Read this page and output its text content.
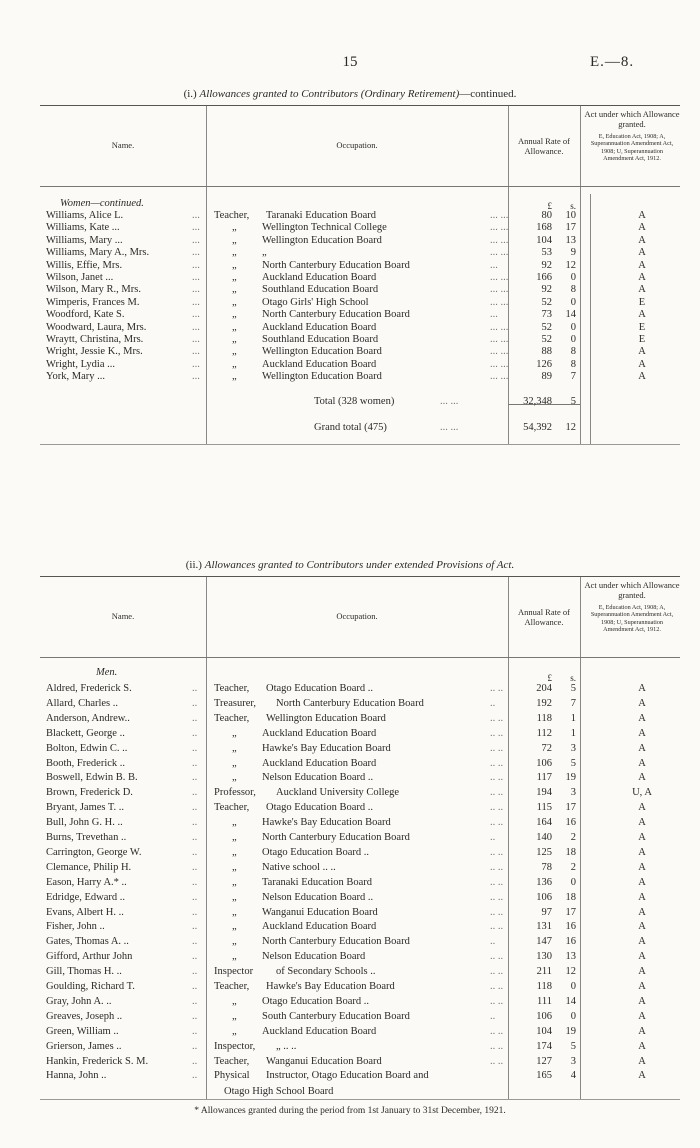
15	E.—8.
(i.) Allowances granted to Contributors (Ordinary Retirement)—continued.
Name.	Occupation.	Annual Rate of Allowance.
Act under which Allowance granted.
E, Education Act, 1908; A, Superannuation Amendment Act, 1908; U, Superannuation Amendment Act, 1912.
Women—continued.	£	s.
Williams, Alice L.	... Teacher, Taranaki Education Board	... ...	80	10	A
Williams, Kate ...	...	„ Wellington Technical College	... ...	168	17	A
Williams, Mary ...	...	„ Wellington Education Board	... ...	104	13	A
Williams, Mary A., Mrs.	...	„ „	... ...	53	9	A
Willis, Effie, Mrs.	...	„ North Canterbury Education Board	...	92	12	A
Wilson, Janet ...	...	„ Auckland Education Board	... ...	166	0	A
Wilson, Mary R., Mrs.	...	„ Southland Education Board	... ...	92	8	A
Wimperis, Frances M.	...	„ Otago Girls' High School	... ...	52	0	E
Woodford, Kate S.	...	„ North Canterbury Education Board	...	73	14	A
Woodward, Laura, Mrs.	...	„ Auckland Education Board	... ...	52	0	E
Wraytt, Christina, Mrs.	...	„ Southland Education Board	... ...	52	0	E
Wright, Jessie K., Mrs.	...	„ Wellington Education Board	... ...	88	8	A
Wright, Lydia ...	...	„ Auckland Education Board	... ...	126	8	A
York, Mary ...	...	„ Wellington Education Board	... ...	89	7	A
Total (328 women)	... ...	32,348	5
Grand total (475)	... ...	54,392	12
(ii.) Allowances granted to Contributors under extended Provisions of Act.
Name.	Occupation.	Annual Rate of Allowance.
Act under which Allowance granted.
E, Education Act, 1908; A, Superannuation Amendment Act, 1908; U, Superannuation Amendment Act, 1912.
Men.	£	s.
Aldred, Frederick S.	.. Teacher, Otago Education Board ..	.. ..	204	5	A
Allard, Charles ..	.. Treasurer, North Canterbury Education Board	..	192	7	A
Anderson, Andrew..	.. Teacher, Wellington Education Board	.. ..	118	1	A
Blackett, George ..	..	„ Auckland Education Board	.. ..	112	1	A
Bolton, Edwin C. ..	..	„ Hawke's Bay Education Board	.. ..	72	3	A
Booth, Frederick ..	..	„ Auckland Education Board	.. ..	106	5	A
Boswell, Edwin B. B.	..	„ Nelson Education Board ..	.. ..	117	19	A
Brown, Frederick D.	.. Professor, Auckland University College	.. ..	194	3	U, A
Bryant, James T. ..	.. Teacher, Otago Education Board ..	.. ..	115	17	A
Bull, John G. H. ..	..	„ Hawke's Bay Education Board	.. ..	164	16	A
Burns, Trevethan ..	..	„ North Canterbury Education Board	..	140	2	A
Carrington, George W.	..	„ Otago Education Board ..	.. ..	125	18	A
Clemance, Philip H.	..	„ Native school .. ..	.. ..	78	2	A
Eason, Harry A.* ..	..	„ Taranaki Education Board	.. ..	136	0	A
Edridge, Edward ..	..	„ Nelson Education Board ..	.. ..	106	18	A
Evans, Albert H. ..	..	„ Wanganui Education Board	.. ..	97	17	A
Fisher, John ..	..	„ Auckland Education Board	.. ..	131	16	A
Gates, Thomas A. ..	..	„ North Canterbury Education Board	..	147	16	A
Gifford, Arthur John	..	„ Nelson Education Board	.. ..	130	13	A
Gill, Thomas H. ..	.. Inspector of Secondary Schools ..	.. ..	211	12	A
Goulding, Richard T.	.. Teacher, Hawke's Bay Education Board	.. ..	118	0	A
Gray, John A. ..	..	„ Otago Education Board ..	.. ..	111	14	A
Greaves, Joseph ..	..	„ South Canterbury Education Board	..	106	0	A
Green, William ..	..	„ Auckland Education Board	.. ..	104	19	A
Grierson, James ..	.. Inspector, „ .. ..	.. ..	174	5	A
Hankin, Frederick S. M.	.. Teacher, Wanganui Education Board	.. ..	127	3	A
Hanna, John ..	.. Physical Instructor, Otago Education Board and	165	4	A
Otago High School Board
* Allowances granted during the period from 1st January to 31st December, 1921.
